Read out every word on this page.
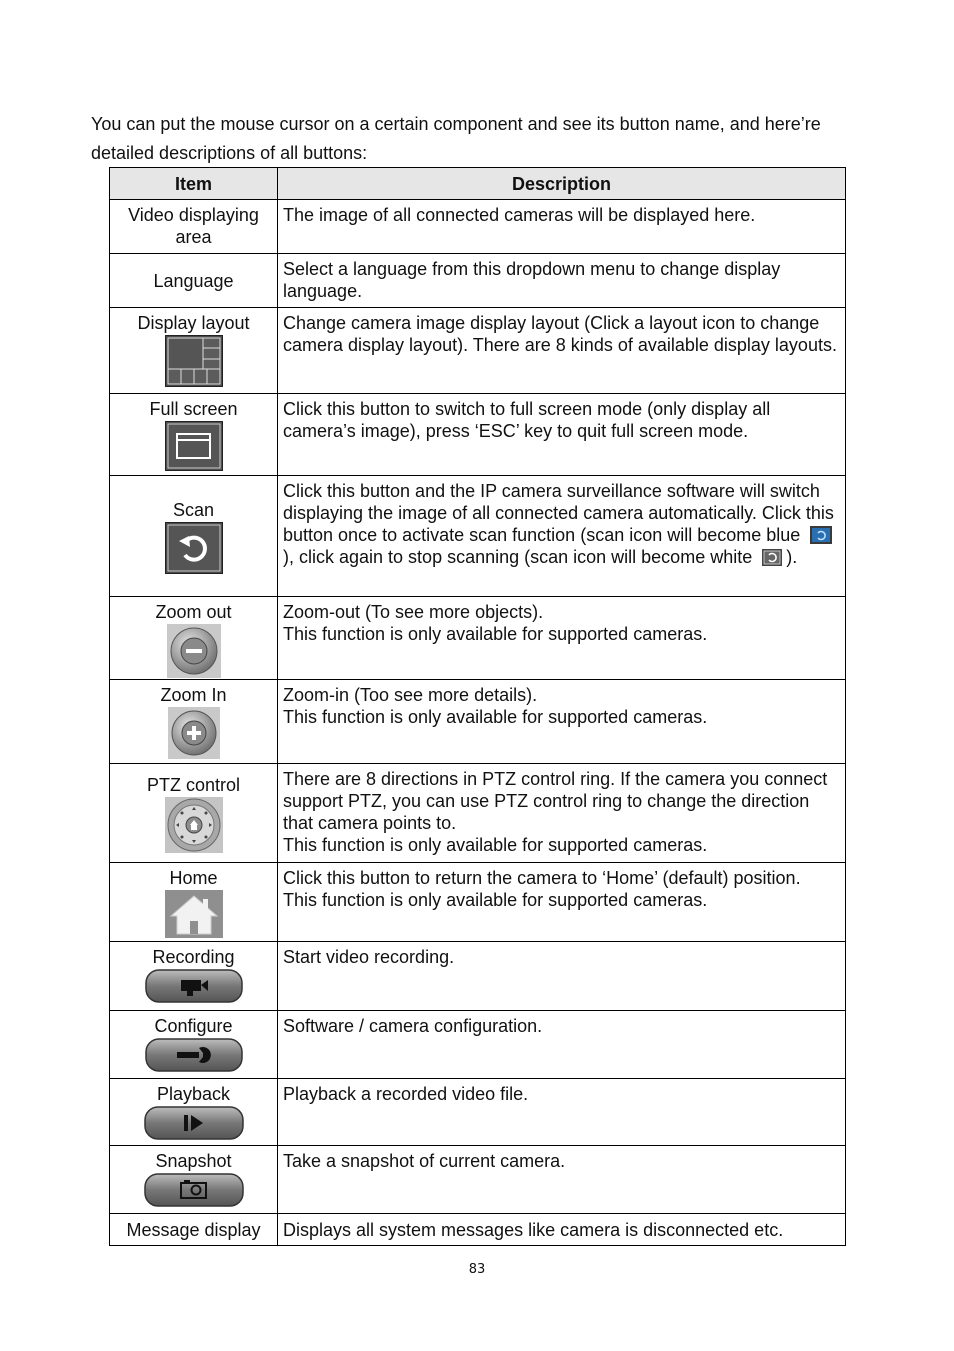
You can put the mouse cursor on a certain component and see its button name, and here’re detailed descriptions of all buttons:

Item	Description
Video displaying area	The image of all connected cameras will be displayed here.

Language	Select a language from this dropdown menu to change display language.

Display layout	Change camera image display layout (Click a layout icon to change camera display layout). There are 8 kinds of available display layouts.

Full screen	Click this button to switch to full screen mode (only display all camera’s image), press ‘ESC’ key to quit full screen mode.

Scan	Click this button and the IP camera surveillance software will switch displaying the image of all connected camera automatically. Click this button once to activate scan function (scan icon will become blue), click again to stop scanning (scan icon will become white ).

Zoom out	Zoom-out (To see more objects).
This function is only available for supported cameras.

Zoom In	Zoom-in (Too see more details).
This function is only available for supported cameras.

PTZ control	There are 8 directions in PTZ control ring. If the camera you connect support PTZ, you can use PTZ control ring to change the direction that camera points to.
This function is only available for supported cameras.

Home	Click this button to return the camera to ‘Home’ (default) position.
This function is only available for supported cameras.

Recording	Start video recording.

Configure	Software / camera configuration.

Playback	Playback a recorded video file.

Snapshot	Take a snapshot of current camera.

Message display	Displays all system messages like camera is disconnected etc.
83
